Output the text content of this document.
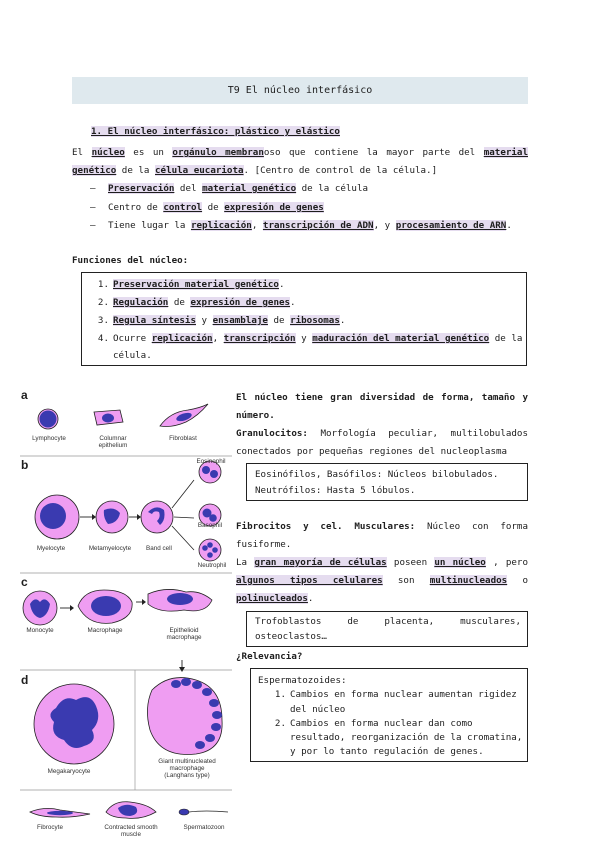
T9 El núcleo interfásico
1. El núcleo interfásico: plástico y elástico
El núcleo es un orgánulo membranoso que contiene la mayor parte del material
genético de la célula eucariota. [Centro de control de la célula.]
– Preservación del material genético de la célula
– Centro de control de expresión de genes
– Tiene lugar la replicación, transcripción de ADN, y procesamiento de ARN.
Funciones del núcleo:
1. Preservación material genético.
2. Regulación de expresión de genes.
3. Regula síntesis y ensamblaje de ribosomas.
4. Ocurre replicación, transcripción y maduración del material genético de la
célula.
a
b
c
d
Lymphocyte	Columnar
epithelium
Fibroblast
Eosinophil
Basophil
Neutrophil
Myelocyte	Metamyelocyte	Band cell
Monocyte	Macrophage	Epithelioid
macrophage
Megakaryocyte
Giant multinucleated
macrophage
(Langhans type)
Fibrocyte	Contracted smooth
muscle
Spermatozoon
El núcleo tiene gran diversidad de forma, tamaño y
número.
Granulocitos: Morfología peculiar, multilobulados
conectados por pequeñas regiones del nucleoplasma
Eosinófilos, Basófilos: Núcleos bilobulados.
Neutrófilos: Hasta 5 lóbulos.
Fibrocitos y cel. Musculares: Núcleo con forma
fusiforme.
La gran mayoría de células poseen un núcleo , pero
algunos tipos celulares son multinucleados o
polinucleados.
Trofoblastos de placenta, musculares,
osteoclastos…
¿Relevancia?
Espermatozoides:
1. Cambios en forma nuclear aumentan rigidez
del núcleo
2. Cambios en forma nuclear dan como
resultado, reorganización de la cromatina,
y por lo tanto regulación de genes.
